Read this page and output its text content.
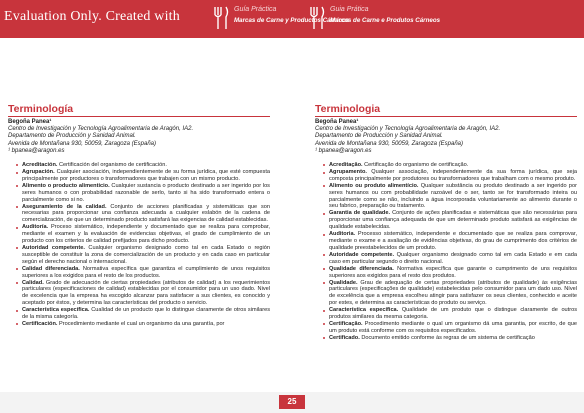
Evaluation Only. Created with	Guía Práctica
Marcas de Carne y Productos Cárnicos
Guia Prática
Marcas de Carne e Produtos Cárneos
Terminología
Begoña Panea¹
Centro de Investigación y Tecnología Agroalimentaria de Aragón, IA2.
Departamento de Producción y Sanidad Animal.
Avenida de Montañana 930, 50059, Zaragoza (España)
¹ bpanea@aragon.es
Acreditación. Certificación del organismo de certificación.
Agrupación. Cualquier asociación, independientemente de su forma jurídica, que esté compuesta principalmente por productores o transformadores que trabajen con un mismo producto.
Alimento o producto alimenticio. Cualquier sustancia o producto destinado a ser ingerido por los seres humanos o con probabilidad razonable de serlo, tanto si ha sido transformado entera o parcialmente como si no.
Aseguramiento de la calidad. Conjunto de acciones planificadas y sistemáticas que son necesarias para proporcionar una confianza adecuada a cualquier eslabón de la cadena de comercialización, de que un determinado producto satisfará las exigencias de calidad establecidas.
Auditoría. Proceso sistemático, independiente y documentado que se realiza para comprobar, mediante el examen y la evaluación de evidencias objetivas, el grado de cumplimiento de un producto con los criterios de calidad prefijados para dicho producto.
Autoridad competente. Cualquier organismo designado como tal en cada Estado o región susceptible de constituir la zona de comercialización de un producto y en cada caso en particular según el derecho nacional o internacional.
Calidad diferenciada. Normativa específica que garantiza el cumplimiento de unos requisitos superiores a los exigidos para el resto de los productos.
Calidad. Grado de adecuación de ciertas propiedades (atributos de calidad) a los requerimientos particulares (especificaciones de calidad) establecidas por el consumidor para un uso dado. Nivel de excelencia que la empresa ha escogido alcanzar para satisfacer a sus clientes, es conocido y aceptado por éstos, y determina las características del producto o servicio.
Característica específica. Cualidad de un producto que lo distingue claramente de otros similares de la misma categoría.
Certificación. Procedimiento mediante el cual un organismo da una garantía, por
Terminologia
Begoña Panea¹
Centro de Investigación y Tecnología Agroalimentaria de Aragón, IA2.
Departamento de Producción y Sanidad Animal.
Avenida de Montañana 930, 50059, Zaragoza (España)
¹ bpanea@aragon.es
Acreditação. Certificação do organismo de certificação.
Agrupamento. Qualquer associação, independentemente da sua forma jurídica, que seja composta principalmente por produtores ou transformadores que trabalham com o mesmo produto.
Alimento ou produto alimentício. Qualquer substância ou produto destinado a ser ingerido por seres humanos ou com probabilidade razoável de o ser, tanto se for transformado inteira ou parcialmente como se não, incluindo a água incorporada voluntariamente ao alimento durante o seu fabrico, preparação ou tratamento.
Garantia de qualidade. Conjunto de ações planificadas e sistemáticas que são necessárias para proporcionar uma confiança adequada de que um determinado produto satisfará as exigências de qualidade estabelecidas.
Auditoria. Processo sistemático, independente e documentado que se realiza para comprovar, mediante o exame e a avaliação de evidências objetivas, do grau de cumprimento dos critérios de qualidade preestabelecidos de um produto.
Autoridade competente. Qualquer organismo designado como tal em cada Estado e em cada caso em particular segundo o direito nacional.
Qualidade diferenciada. Normativa específica que garante o cumprimento de uns requisitos superiores aos exigidos para el resto dos produtos.
Qualidade. Grau de adequação de certas propriedades (atributos de qualidade) às exigências particulares (especificações de qualidade) estabelecidas pelo consumidor para um dado uso. Nível de excelência que a empresa escolheu atingir para satisfazer os seus clientes, conhecido e aceite por estes, e determina as características do produto ou serviço.
Característica específica. Qualidade de um produto que o distingue claramente de outros produtos similares da mesma categoria.
Certificação. Procedimento mediante o qual um organismo dá uma garantia, por escrito, de que um produto está conforme com os requisitos especificados.
Certificado. Documento emitido conforme às regras de um sistema de certificação
25
